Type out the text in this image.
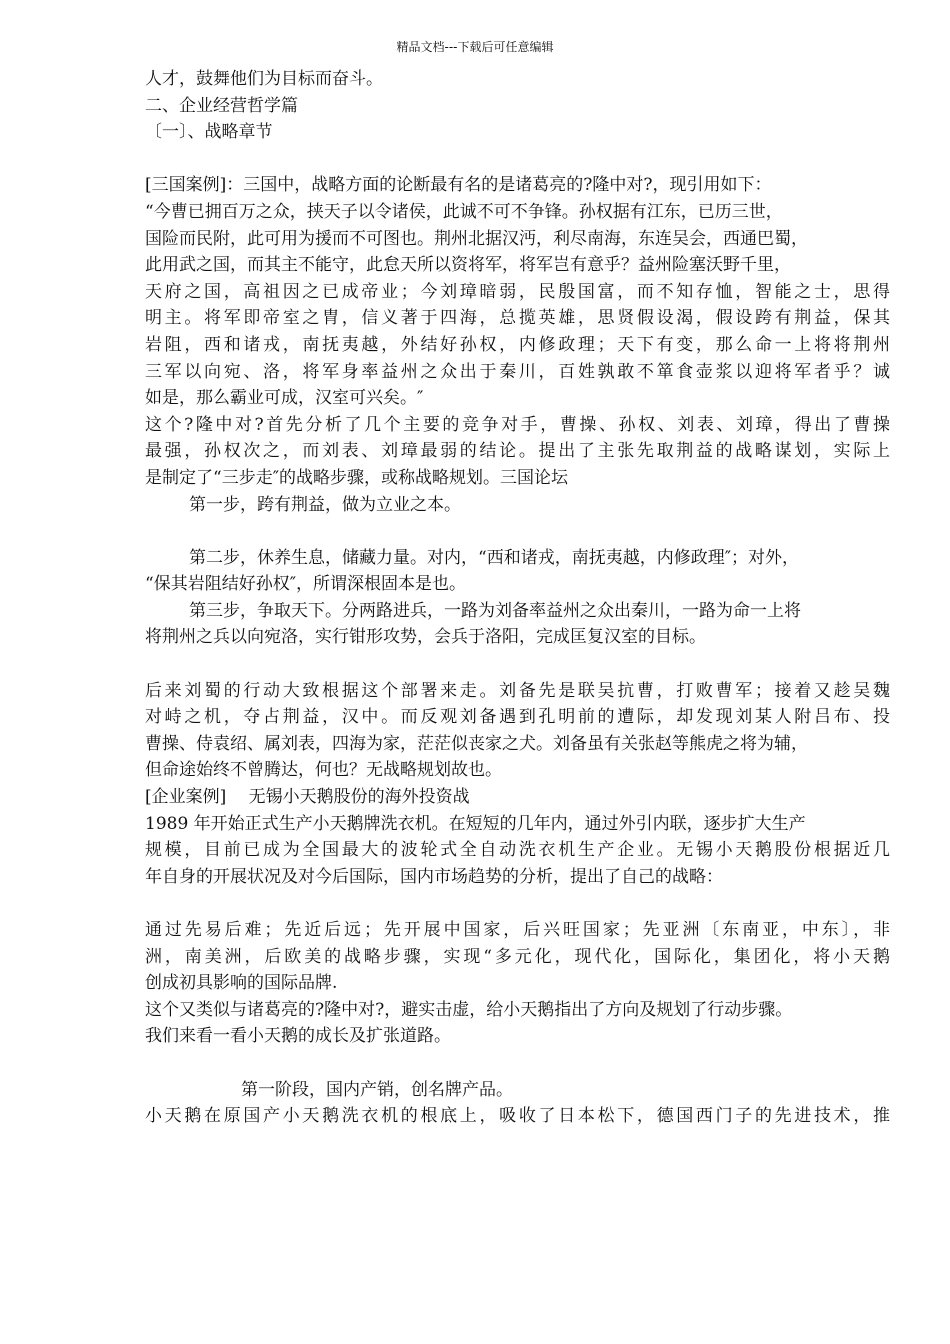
精品文档---下载后可任意编辑
人才，鼓舞他们为目标而奋斗。
二、企业经营哲学篇
〔一〕、战略章节
[三国案例]：三国中，战略方面的论断最有名的是诸葛亮的?隆中对?，现引用如下：
“今曹已拥百万之众，挟天子以令诸侯，此诚不可不争锋。孙权据有江东，已历三世，
国险而民附，此可用为援而不可图也。荆州北据汉沔，利尽南海，东连吴会，西通巴蜀，
此用武之国，而其主不能守，此怠天所以资将军，将军岂有意乎？益州险塞沃野千里，
天府之国，高祖因之已成帝业；今刘璋暗弱，民殷国富，而不知存恤，智能之士，思得
明主。将军即帝室之胄，信义著于四海，总揽英雄，思贤假设渴，假设跨有荆益，保其
岩阻，西和诸戎，南抚夷越，外结好孙权，内修政理；天下有变，那么命一上将将荆州
三军以向宛、洛，将军身率益州之众出于秦川，百姓孰敢不箪食壶浆以迎将军者乎？诚
如是，那么霸业可成，汉室可兴矣。″
这个?隆中对?首先分析了几个主要的竞争对手，曹操、孙权、刘表、刘璋，得出了曹操
最强，孙权次之，而刘表、刘璋最弱的结论。提出了主张先取荆益的战略谋划，实际上
是制定了“三步走″的战略步骤，或称战略规划。三国论坛
第一步，跨有荆益，做为立业之本。
第二步，休养生息，储藏力量。对内，“西和诸戎，南抚夷越，内修政理″；对外，
“保其岩阻结好孙权″，所谓深根固本是也。
第三步，争取天下。分两路进兵，一路为刘备率益州之众出秦川，一路为命一上将
将荆州之兵以向宛洛，实行钳形攻势，会兵于洛阳，完成匡复汉室的目标。
后来刘蜀的行动大致根据这个部署来走。刘备先是联吴抗曹，打败曹军；接着又趁吴魏
对峙之机，夺占荆益，汉中。而反观刘备遇到孔明前的遭际，却发现刘某人附吕布、投
曹操、侍袁绍、属刘表，四海为家，茫茫似丧家之犬。刘备虽有关张赵等熊虎之将为辅，
但命途始终不曾腾达，何也？无战略规划故也。
[企业案例]　 无锡小天鹅股份的海外投资战
1989 年开始正式生产小天鹅牌洗衣机。在短短的几年内，通过外引内联，逐步扩大生产
规模，目前已成为全国最大的波轮式全自动洗衣机生产企业。无锡小天鹅股份根据近几
年自身的开展状况及对今后国际，国内市场趋势的分析，提出了自己的战略：
通过先易后难；先近后远；先开展中国家，后兴旺国家；先亚洲〔东南亚，中东〕，非
洲，南美洲，后欧美的战略步骤，实现“多元化，现代化，国际化，集团化，将小天鹅
创成初具影响的国际品牌.
这个又类似与诸葛亮的?隆中对?，避实击虚，给小天鹅指出了方向及规划了行动步骤。
我们来看一看小天鹅的成长及扩张道路。
第一阶段，国内产销，创名牌产品。
小天鹅在原国产小天鹅洗衣机的根底上，吸收了日本松下，德国西门子的先进技术，推
